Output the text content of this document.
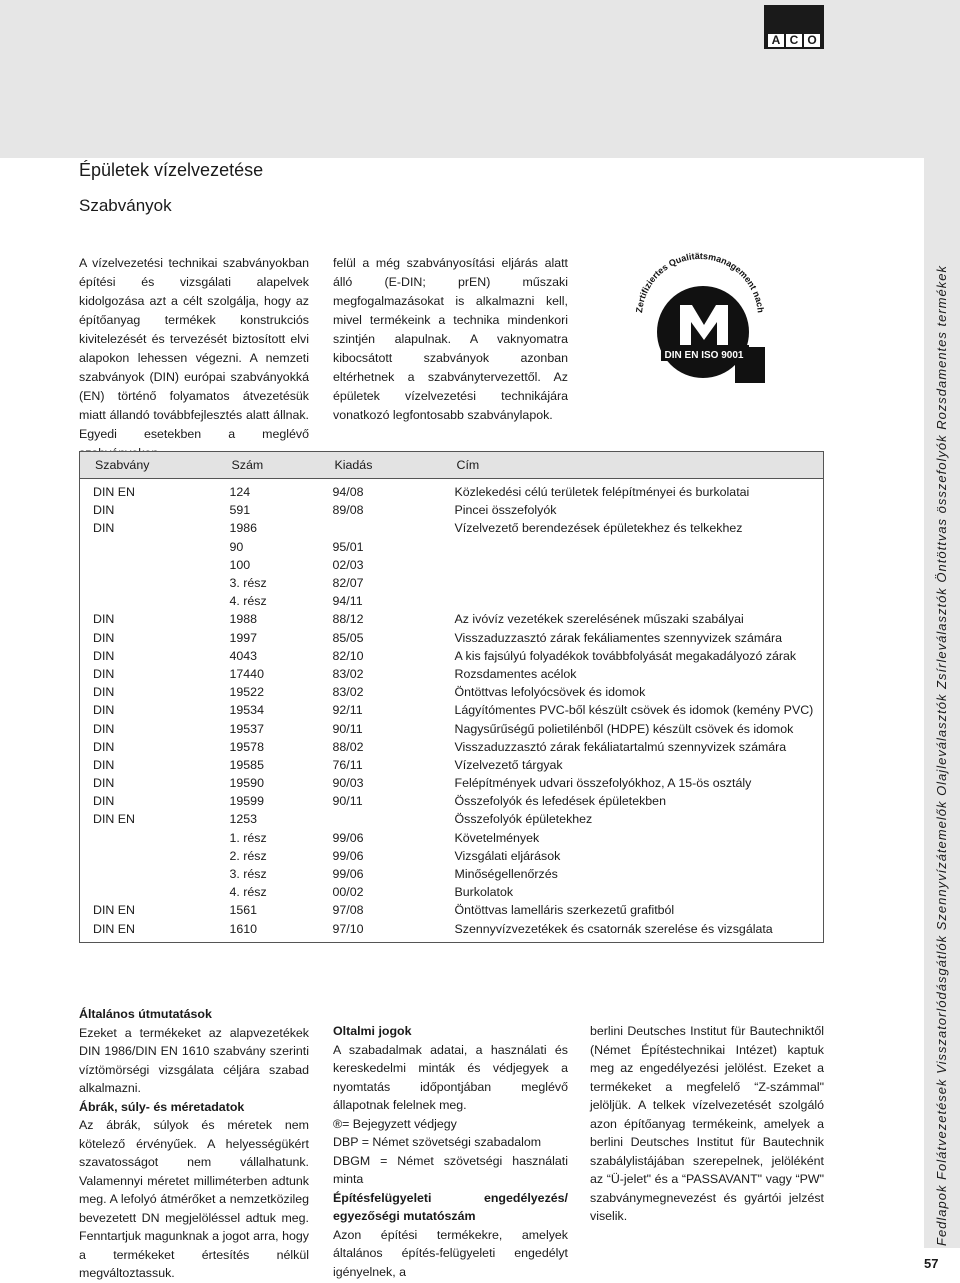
A C O
Épületek vízelvezetése
Szabványok
A vízelvezetési technikai szabványokban építési és vizsgálati alapelvek kidolgozása azt a célt szolgálja, hogy az építőanyag termékek konstrukciós kivitelezését és tervezését biztosított elvi alapokon lehessen végezni. A nemzeti szabványok (DIN) európai szabványokká (EN) történő folyamatos átvezetésük miatt állandó továbbfejlesztés alatt állnak. Egyedi esetekben a meglévő
felül a még szabványosítási eljárás alatt álló (E-DIN; prEN) műszaki megfogalmazásokat is alkalmazni kell, mivel termékeink a technika mindenkori szintjén alapulnak. A vaknyomatra kibocsátott szabványok azonban eltérhetnek a szabványtervezettől. Az épületek vízelvezetési technikájára vonatkozó legfontosabb szabványlapok.
Zertifiziertes Qualitätsmanagement nach
DIN EN ISO 9001
Szabvány	Szám	Kiadás	Cím
DIN EN	124	94/08	Közlekedési célú területek felépítményei és burkolatai
DIN	591	89/08	Pincei összefolyók
DIN	1986		Vízelvezető berendezések épületekhez és telkekhez
	90	95/01	
	100	02/03	
	3. rész	82/07	
	4. rész	94/11	
DIN	1988	88/12	Az ivóvíz vezetékek szerelésének műszaki szabályai
DIN	1997	85/05	Visszaduzzasztó zárak fekáliamentes szennyvizek számára
DIN	4043	82/10	A kis fajsúlyú folyadékok továbbfolyását megakadályozó zárak
DIN	17440	83/02	Rozsdamentes acélok
DIN	19522	83/02	Öntöttvas lefolyócsövek és idomok
DIN	19534	92/11	Lágyítómentes PVC-ből készült csövek és idomok (kemény PVC)
DIN	19537	90/11	Nagysűrűségű polietilénből (HDPE) készült csövek és idomok
DIN	19578	88/02	Visszaduzzasztó zárak fekáliatartalmú szennyvizek számára
DIN	19585	76/11	Vízelvezető tárgyak
DIN	19590	90/03	Felépítmények udvari összefolyókhoz, A 15-ös osztály
DIN	19599	90/11	Összefolyók és lefedések épületekben
DIN EN	1253		Összefolyók épületekhez
	1. rész	99/06	Követelmények
	2. rész	99/06	Vizsgálati eljárások
	3. rész	99/06	Minőségellenőrzés
	4. rész	00/02	Burkolatok
DIN EN	1561	97/08	Öntöttvas lamelláris szerkezetű grafitból
DIN EN	1610	97/10	Szennyvízvezetékek és csatornák szerelése és vizsgálata
Általános útmutatások
Ezeket a termékeket az alapvezetékek DIN 1986/DIN EN 1610 szabvány szerinti víztömörségi vizsgálata céljára szabad alkalmazni.
Ábrák, súly- és méretadatok
Az ábrák, súlyok és méretek nem kötelező érvényűek. A helyességükért szavatosságot nem vállalhatunk. Valamennyi méretet milliméterben adtunk meg. A lefolyó átmérőket a nemzetközileg bevezetett DN megjelöléssel adtuk meg. Fenntartjuk magunknak a jogot arra, hogy a termékeket értesítés nélkül megváltoztassuk.
Oltalmi jogok
A szabadalmak adatai, a használati és kereskedelmi minták és védjegyek a nyomtatás időpontjában meglévő állapotnak felelnek meg.
®= Bejegyzett védjegy
DBP = Német szövetségi szabadalom
DBGM = Német szövetségi használati minta
Építésfelügyeleti engedélyezés/ egyezőségi mutatószám
Azon építési termékekre, amelyek általános építés-felügyeleti engedélyt igényelnek, a
berlini Deutsches Institut für Bautechniktől (Német Építéstechnikai Intézet) kaptuk meg az engedélyezési jelölést. Ezeket a termékeket a megfelelő “Z-számmal" jelöljük. A telkek vízelvezetését szolgáló azon építőanyag termékeink, amelyek a berlini Deutsches Institut für Bautechnik szabálylistájában szerepelnek, jelöléként az “Ü-jelet" és a “PASSAVANT" vagy “PW" szabványmegnevezést és gyártói jelzést viselik.	Fedlapok Folátvezetések Visszatorlódásgátlók Szennyvízátemelők Olajleválasztók Zsírleválasztók Öntöttvas összefolyók Rozsdamentes termékek
57
